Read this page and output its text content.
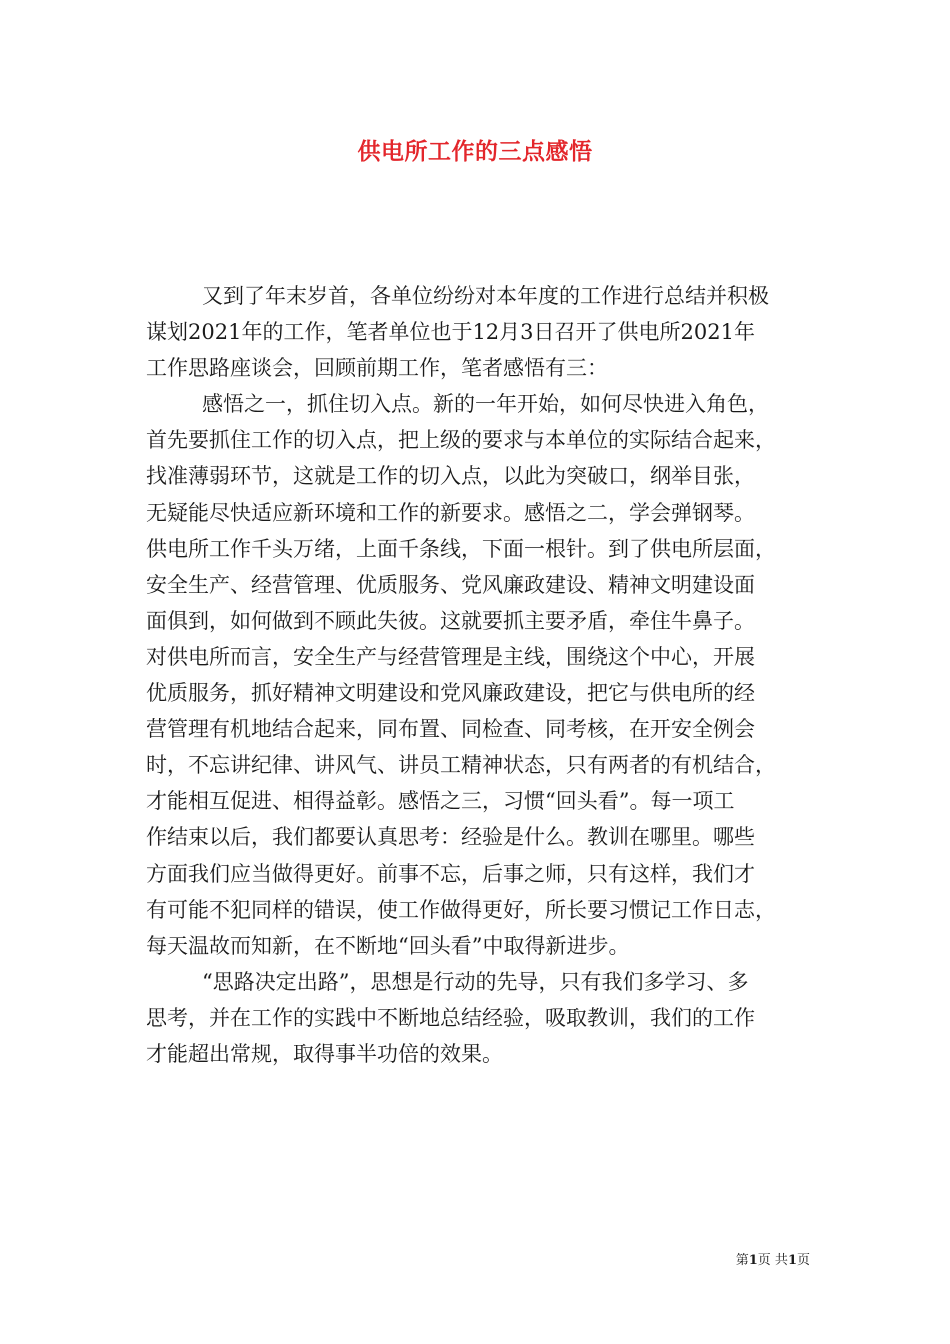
供电所工作的三点感悟

又到了年末岁首，各单位纷纷对本年度的工作进行总结并积极

谋划2021年的工作，笔者单位也于12月3日召开了供电所2021年

工作思路座谈会，回顾前期工作，笔者感悟有三：

感悟之一，抓住切入点。新的一年开始，如何尽快进入角色，

首先要抓住工作的切入点，把上级的要求与本单位的实际结合起来，

找准薄弱环节，这就是工作的切入点，以此为突破口，纲举目张，

无疑能尽快适应新环境和工作的新要求。感悟之二，学会弹钢琴。

供电所工作千头万绪，上面千条线，下面一根针。到了供电所层面，

安全生产、经营管理、优质服务、党风廉政建设、精神文明建设面

面俱到，如何做到不顾此失彼。这就要抓主要矛盾，牵住牛鼻子。

对供电所而言，安全生产与经营管理是主线，围绕这个中心，开展

优质服务，抓好精神文明建设和党风廉政建设，把它与供电所的经

营管理有机地结合起来，同布置、同检查、同考核，在开安全例会

时，不忘讲纪律、讲风气、讲员工精神状态，只有两者的有机结合，

才能相互促进、相得益彰。感悟之三，习惯“回头看”。每一项工

作结束以后，我们都要认真思考：经验是什么。教训在哪里。哪些

方面我们应当做得更好。前事不忘，后事之师，只有这样，我们才

有可能不犯同样的错误，使工作做得更好，所长要习惯记工作日志，

每天温故而知新，在不断地“回头看”中取得新进步。

“思路决定出路”，思想是行动的先导，只有我们多学习、多

思考，并在工作的实践中不断地总结经验，吸取教训，我们的工作

才能超出常规，取得事半功倍的效果。

第1页 共1页
